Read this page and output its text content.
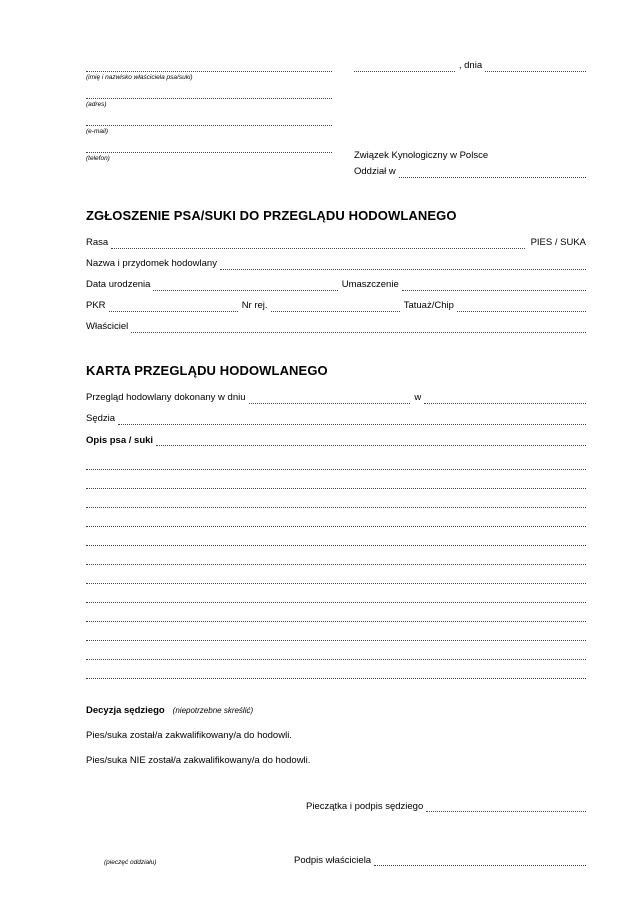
(imię i nazwisko właściciela psa/suki)
(adres)
(e-mail)
(telefon)
, dnia
Związek Kynologiczny w Polsce
Oddział w
ZGŁOSZENIE PSA/SUKI DO PRZEGLĄDU HODOWLANEGO
Rasa	PIES / SUKA
Nazwa i przydomek hodowlany
Data urodzenia	Umaszczenie
PKR	Nr rej.	Tatuaż/Chip
Właściciel
KARTA PRZEGLĄDU HODOWLANEGO
Przegląd hodowlany dokonany w dniu	w
Sędzia
Opis psa / suki
Decyzja sędziego (niepotrzebne skreślić)
Pies/suka został/a zakwalifikowany/a do hodowli.
Pies/suka NIE został/a zakwalifikowany/a do hodowli.
Pieczątka i podpis sędziego
(pieczęć oddziału)	Podpis właściciela
